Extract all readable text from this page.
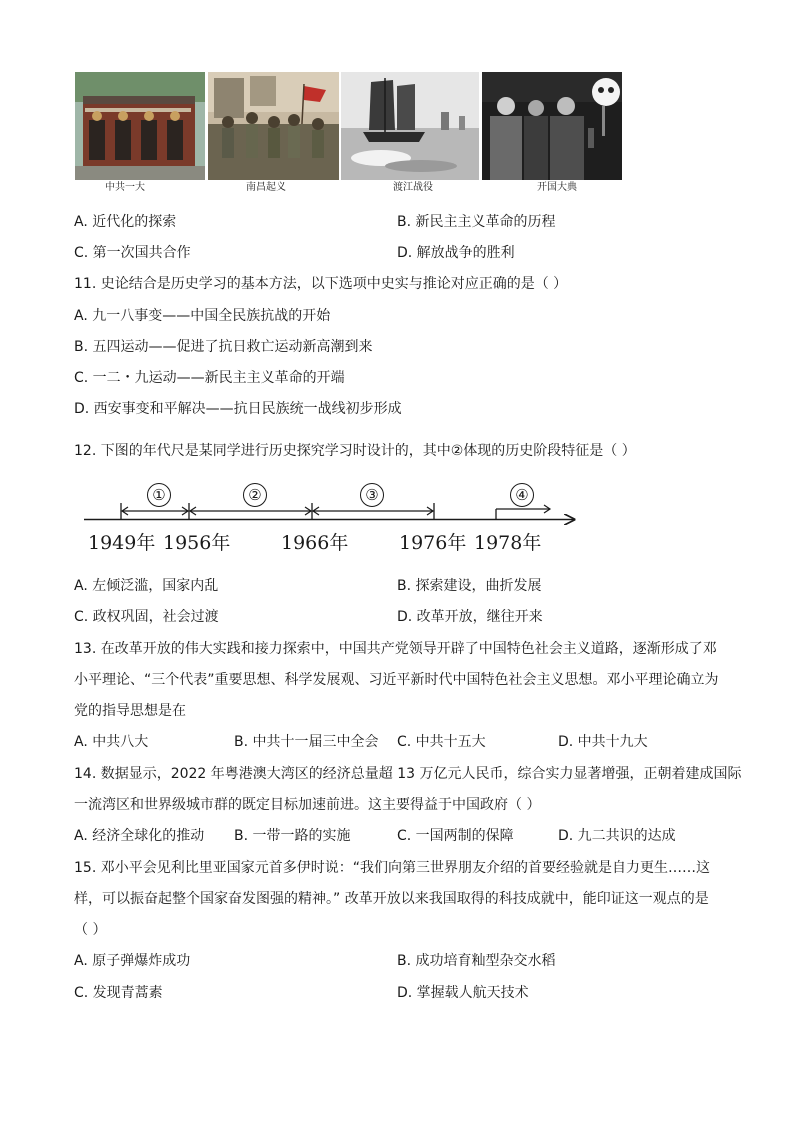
中共一大	南昌起义	渡江战役	开国大典
A. 近代化的探索	B. 新民主主义革命的历程
C. 第一次国共合作	D. 解放战争的胜利
11. 史论结合是历史学习的基本方法，以下选项中史实与推论对应正确的是（ ）
A. 九一八事变——中国全民族抗战的开始
B. 五四运动——促进了抗日救亡运动新高潮到来
C. 一二・九运动——新民主主义革命的开端
D. 西安事变和平解决——抗日民族统一战线初步形成
12. 下图的年代尺是某同学进行历史探究学习时设计的，其中②体现的历史阶段特征是（ ）
①	②	③	④
1949年 1956年	1966年	1976年 1978年
A. 左倾泛滥，国家内乱	B. 探索建设，曲折发展
C. 政权巩固，社会过渡	D. 改革开放，继往开来
13. 在改革开放的伟大实践和接力探索中，中国共产党领导开辟了中国特色社会主义道路，逐渐形成了邓
小平理论、“三个代表”重要思想、科学发展观、习近平新时代中国特色社会主义思想。邓小平理论确立为
党的指导思想是在
A. 中共八大	B. 中共十一届三中全会 C. 中共十五大	D. 中共十九大
14. 数据显示，2022 年粤港澳大湾区的经济总量超 13 万亿元人民币，综合实力显著增强，正朝着建成国际
一流湾区和世界级城市群的既定目标加速前进。这主要得益于中国政府（ ）
A. 经济全球化的推动 B. 一带一路的实施	C. 一国两制的保障	D. 九二共识的达成
15. 邓小平会见利比里亚国家元首多伊时说：“我们向第三世界朋友介绍的首要经验就是自力更生……这
样，可以振奋起整个国家奋发图强的精神。” 改革开放以来我国取得的科技成就中，能印证这一观点的是
（ ）
A. 原子弹爆炸成功	B. 成功培育籼型杂交水稻
C. 发现青蒿素	D. 掌握载人航天技术
